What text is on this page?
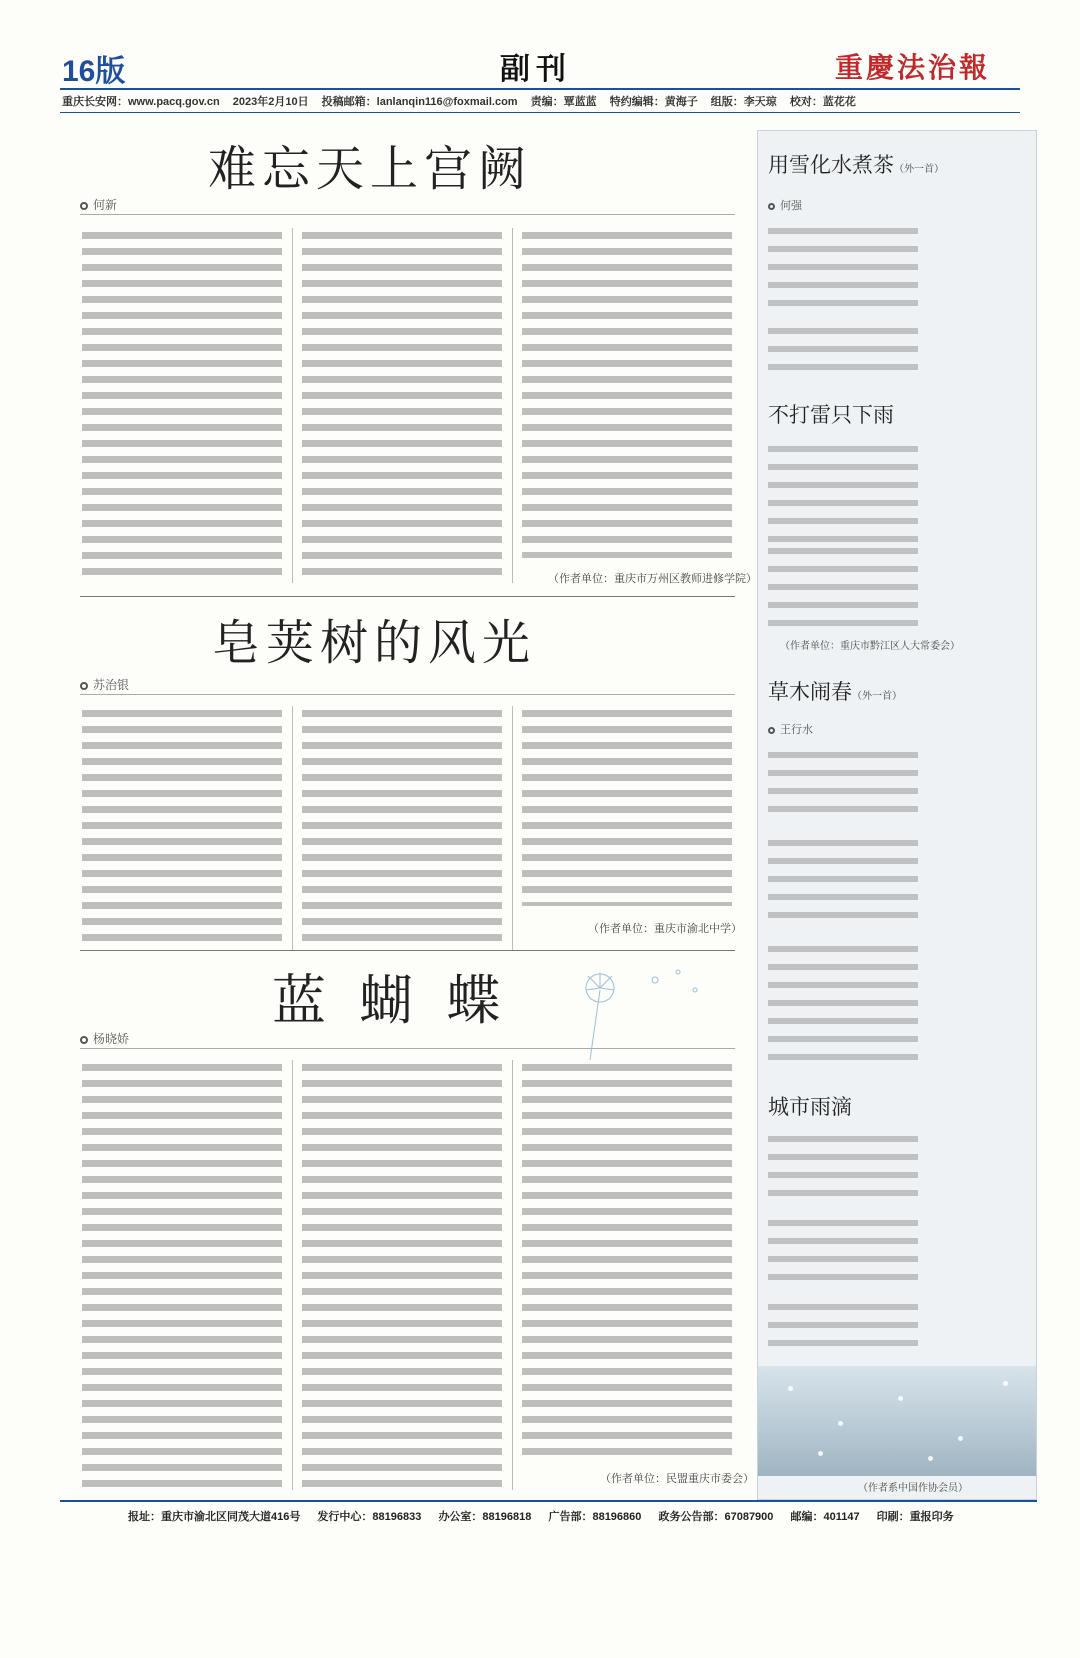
16版	副刊	重慶法治報
重庆长安网：www.pacq.gov.cn 2023年2月10日 投稿邮箱：lanlanqin116@foxmail.com 责编：覃蓝蓝 特约编辑：黄海子 组版：李天琼 校对：蓝花花
难忘天上宫阙
何新
（作者单位：重庆市万州区教师进修学院）
皂荚树的风光
苏治银
（作者单位：重庆市渝北中学）
蓝 蝴 蝶
杨晓娇
（作者单位：民盟重庆市委会）
用雪化水煮茶（外一首）
何强
不打雷只下雨
（作者单位：重庆市黔江区人大常委会）
草木闹春（外一首）
王行水
城市雨滴
（作者系中国作协会员）
报址：重庆市渝北区同茂大道416号 发行中心：88196833 办公室：88196818 广告部：88196860 政务公告部：67087900 邮编：401147 印刷：重报印务
